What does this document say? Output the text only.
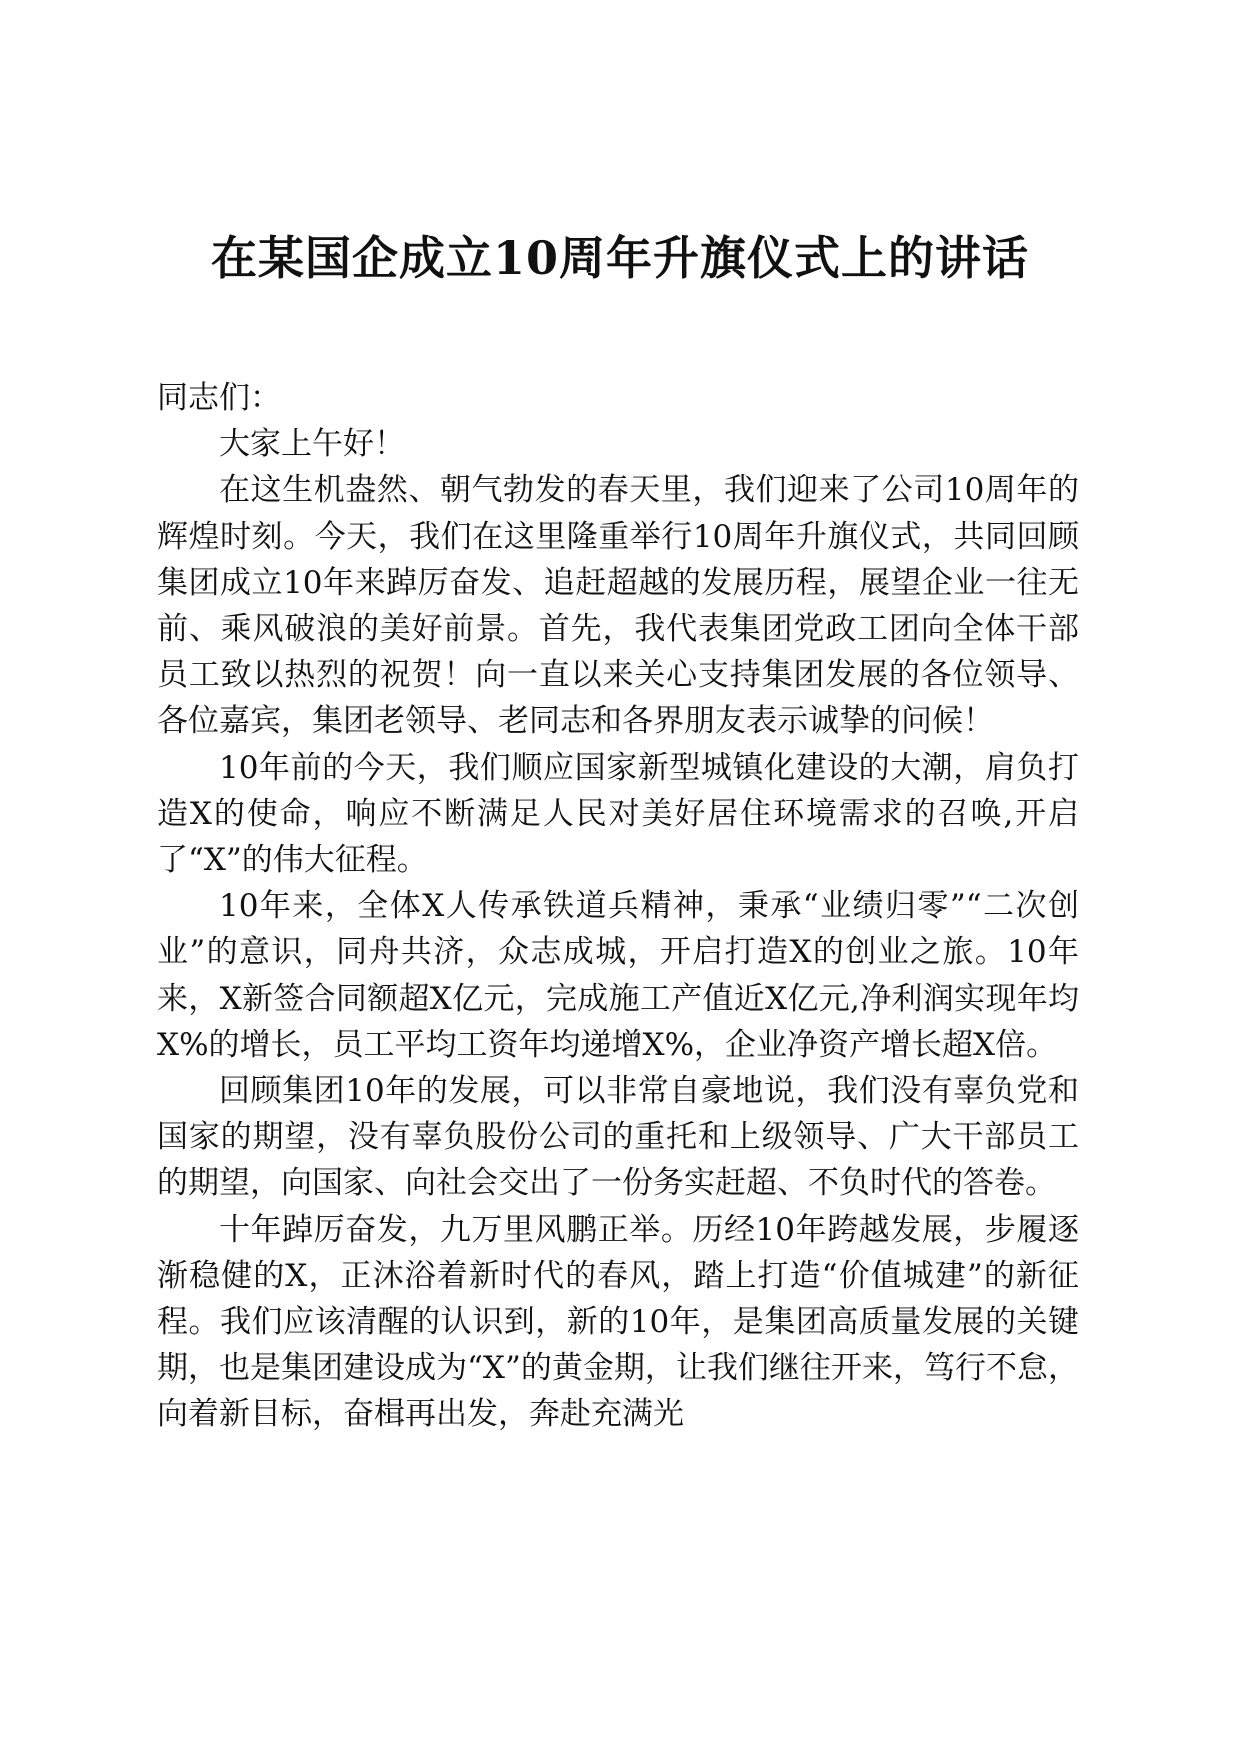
在某国企成立10周年升旗仪式上的讲话

同志们：

大家上午好！

在这生机盎然、朝气勃发的春天里，我们迎来了公司10周年的辉煌时刻。今天，我们在这里隆重举行10周年升旗仪式，共同回顾集团成立10年来踔厉奋发、追赶超越的发展历程，展望企业一往无前、乘风破浪的美好前景。首先，我代表集团党政工团向全体干部员工致以热烈的祝贺！向一直以来关心支持集团发展的各位领导、各位嘉宾，集团老领导、老同志和各界朋友表示诚挚的问候！

10年前的今天，我们顺应国家新型城镇化建设的大潮，肩负打造X的使命，响应不断满足人民对美好居住环境需求的召唤,开启了“X”的伟大征程。

10年来，全体X人传承铁道兵精神，秉承“业绩归零”“二次创业”的意识，同舟共济，众志成城，开启打造X的创业之旅。10年来，X新签合同额超X亿元，完成施工产值近X亿元,净利润实现年均X%的增长，员工平均工资年均递增X%，企业净资产增长超X倍。

回顾集团10年的发展，可以非常自豪地说，我们没有辜负党和国家的期望，没有辜负股份公司的重托和上级领导、广大干部员工的期望，向国家、向社会交出了一份务实赶超、不负时代的答卷。

十年踔厉奋发，九万里风鹏正举。历经10年跨越发展，步履逐渐稳健的X，正沐浴着新时代的春风，踏上打造“价值城建”的新征程。我们应该清醒的认识到，新的10年，是集团高质量发展的关键期，也是集团建设成为“X”的黄金期，让我们继往开来，笃行不怠，向着新目标，奋楫再出发，奔赴充满光
